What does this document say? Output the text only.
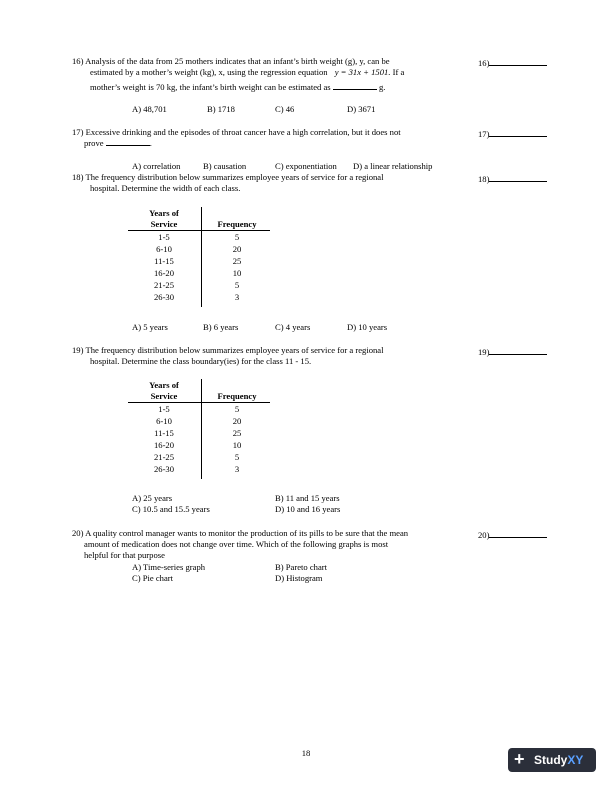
16) Analysis of the data from 25 mothers indicates that an infant’s birth weight (g), y, can be
estimated by a mother’s weight (kg), x, using the regression equation y = 31x + 1501. If a
mother’s weight is 70 kg, the infant’s birth weight can be estimated as	g.
16)
A) 48,701	B) 1718	C) 46	D) 3671
17) Excessive drinking and the episodes of throat cancer have a high correlation, but it does not
prove	.
17)
A) correlation	B) causation	C) exponentiation D) a linear relationship
18) The frequency distribution below summarizes employee years of service for a regional
hospital. Determine the width of each class.
18)
Years of
Service	Frequency
1-5	5
6-10	20
11-15	25
16-20	10
21-25	5
26-30	3
A) 5 years	B) 6 years	C) 4 years	D) 10 years
19) The frequency distribution below summarizes employee years of service for a regional
hospital. Determine the class boundary(ies) for the class 11 - 15.
19)
Years of
Service	Frequency
1-5	5
6-10	20
11-15	25
16-20	10
21-25	5
26-30	3
A) 25 years	B) 11 and 15 years
C) 10.5 and 15.5 years	D) 10 and 16 years
20) A quality control manager wants to monitor the production of its pills to be sure that the mean
amount of medication does not change over time. Which of the following graphs is most
helpful for that purpose
20)
A) Time-series graph	B) Pareto chart
C) Pie chart	D) Histogram
18	+ StudyXY
